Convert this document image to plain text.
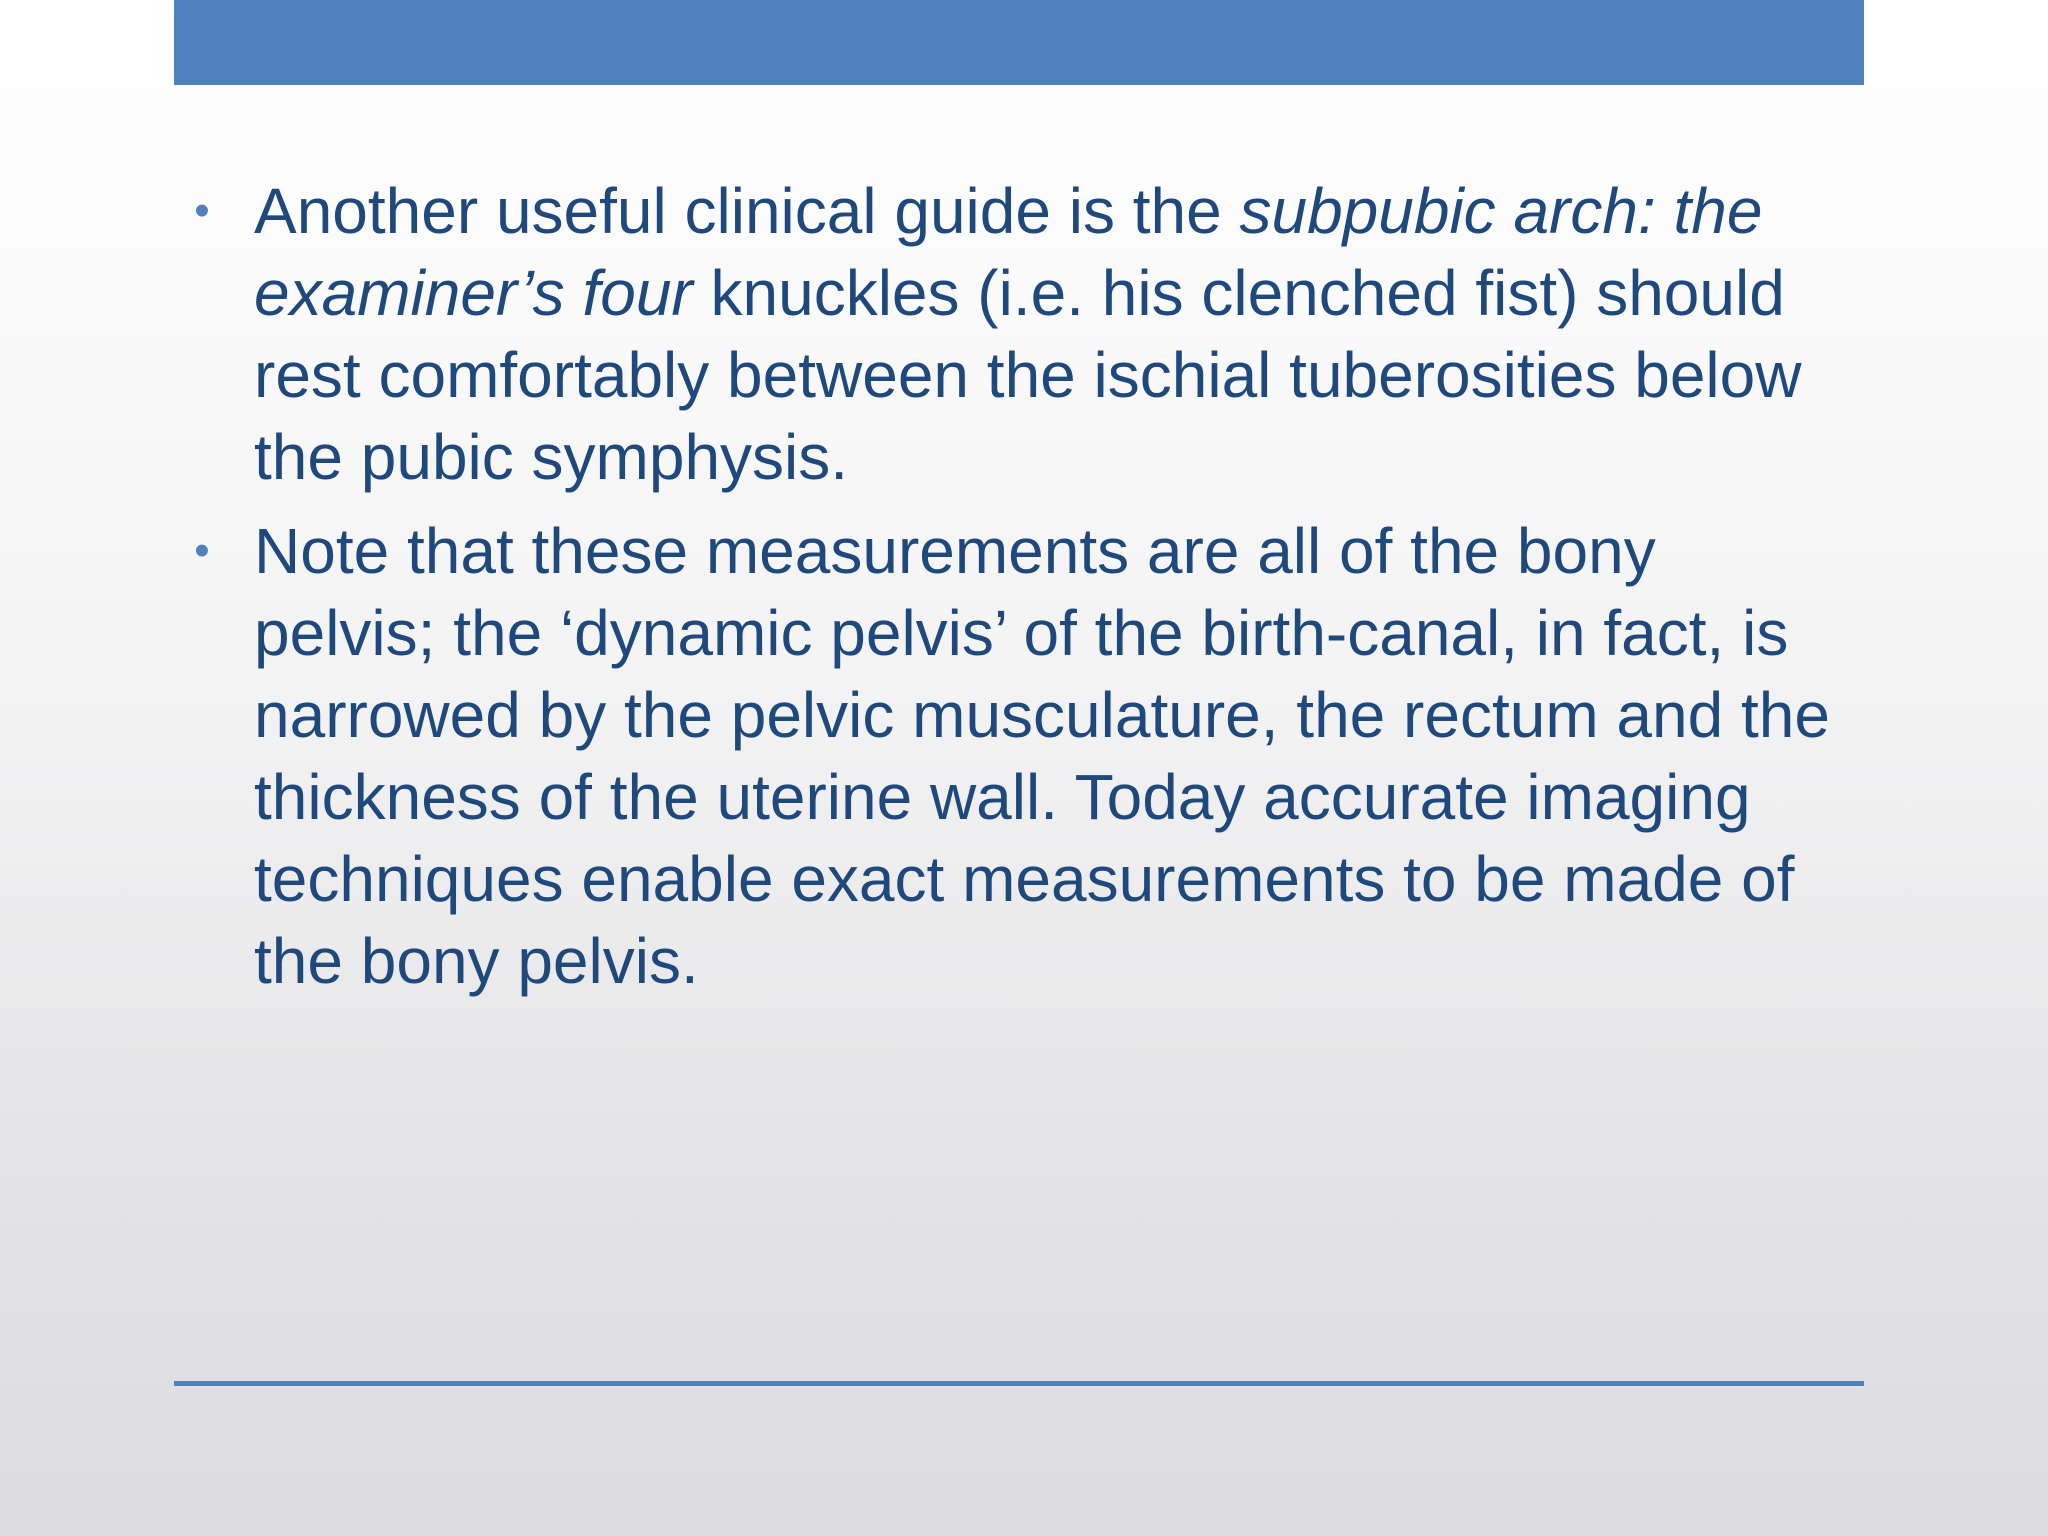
• Another useful clinical guide is the subpubic arch: the examiner’s four knuckles (i.e. his clenched fist) should rest comfortably between the ischial tuberosities below the pubic symphysis.
• Note that these measurements are all of the bony pelvis; the ‘dynamic pelvis’ of the birth-canal, in fact, is narrowed by the pelvic musculature, the rectum and the thickness of the uterine wall. Today accurate imaging techniques enable exact measurements to be made of the bony pelvis.
